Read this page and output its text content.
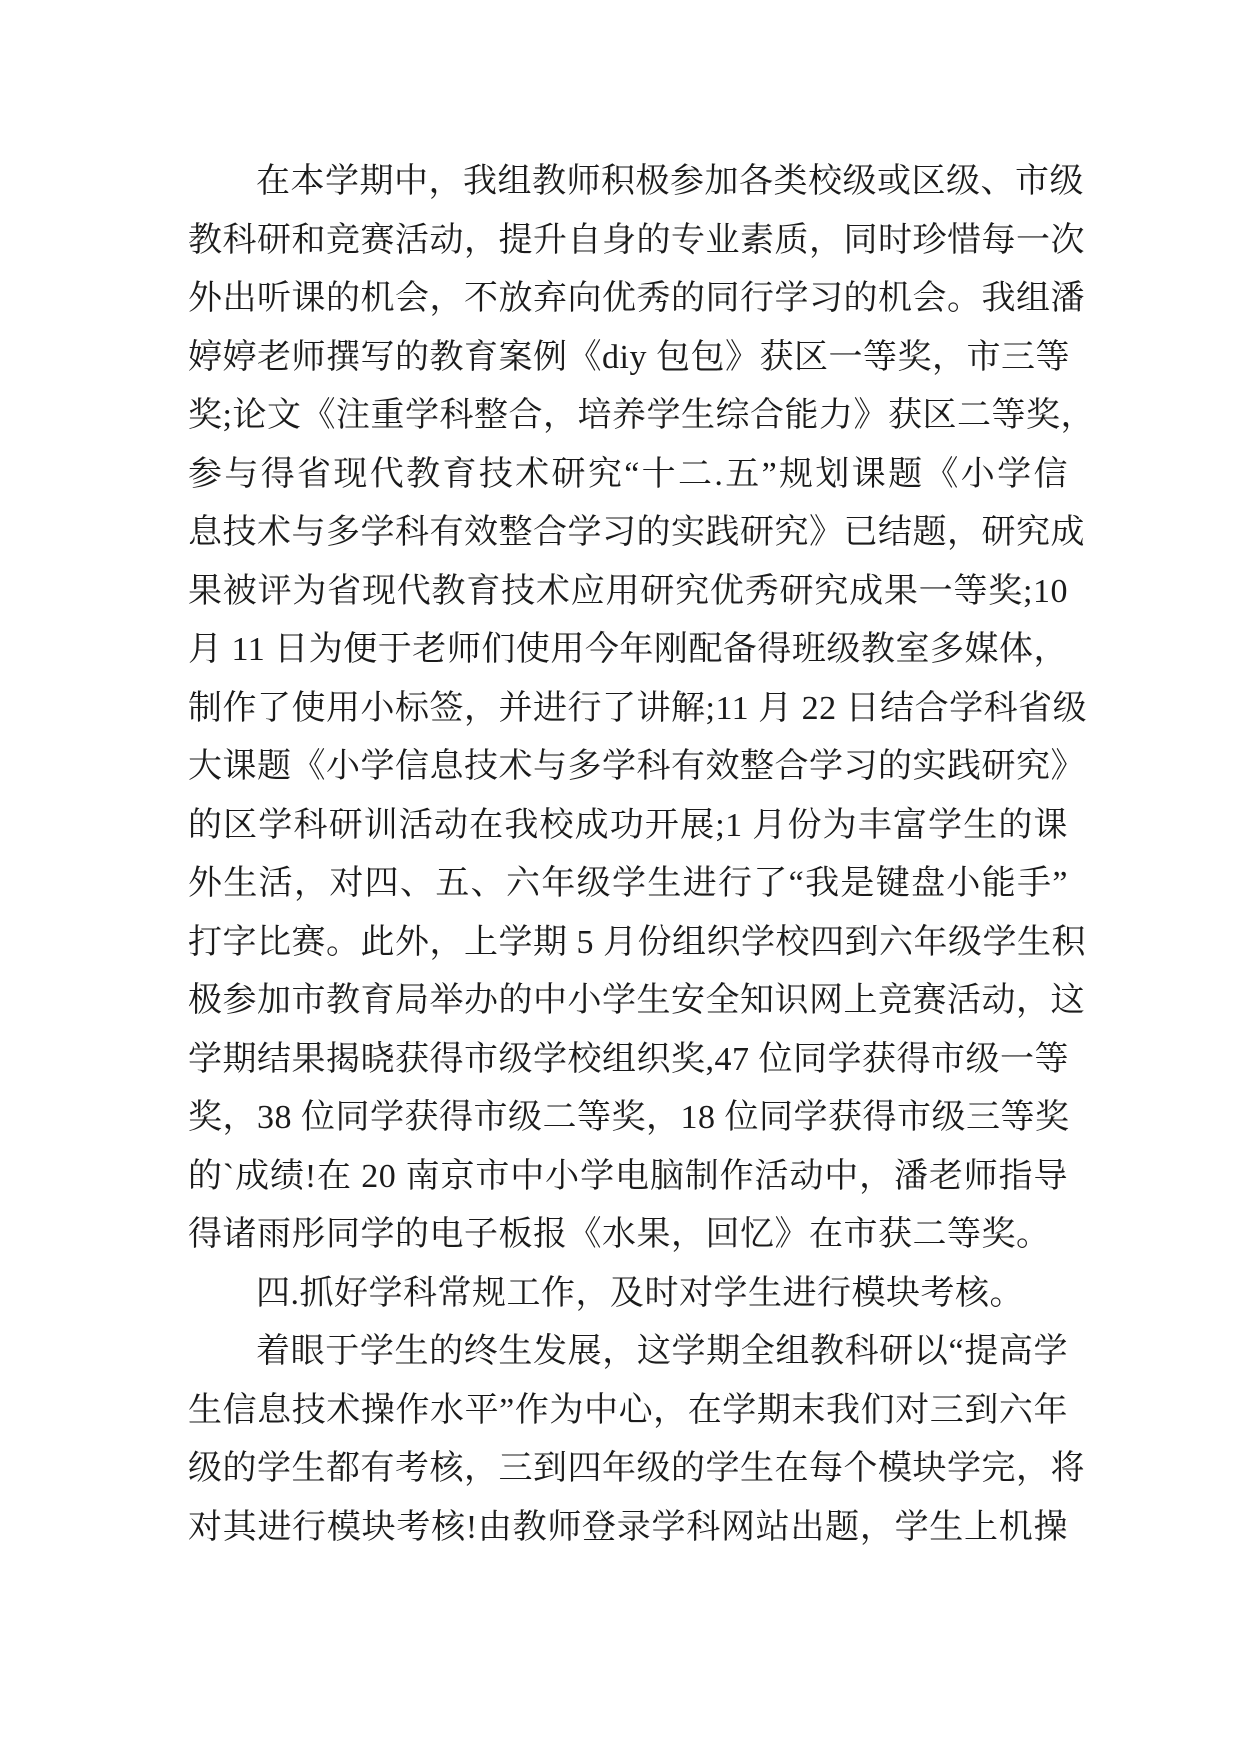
在本学期中，我组教师积极参加各类校级或区级、市级
教科研和竞赛活动，提升自身的专业素质，同时珍惜每一次
外出听课的机会，不放弃向优秀的同行学习的机会。我组潘
婷婷老师撰写的教育案例《diy 包包》获区一等奖，市三等
奖;论文《注重学科整合，培养学生综合能力》获区二等奖，
参与得省现代教育技术研究“十二.五”规划课题《小学信
息技术与多学科有效整合学习的实践研究》已结题，研究成
果被评为省现代教育技术应用研究优秀研究成果一等奖;10
月 11 日为便于老师们使用今年刚配备得班级教室多媒体，
制作了使用小标签，并进行了讲解;11 月 22 日结合学科省级
大课题《小学信息技术与多学科有效整合学习的实践研究》
的区学科研训活动在我校成功开展;1 月份为丰富学生的课
外生活，对四、五、六年级学生进行了“我是键盘小能手”
打字比赛。此外，上学期 5 月份组织学校四到六年级学生积
极参加市教育局举办的中小学生安全知识网上竞赛活动，这
学期结果揭晓获得市级学校组织奖,47 位同学获得市级一等
奖，38 位同学获得市级二等奖，18 位同学获得市级三等奖
的`成绩!在 20 南京市中小学电脑制作活动中，潘老师指导
得诸雨彤同学的电子板报《水果，回忆》在市获二等奖。
四.抓好学科常规工作，及时对学生进行模块考核。
着眼于学生的终生发展，这学期全组教科研以“提高学
生信息技术操作水平”作为中心，在学期末我们对三到六年
级的学生都有考核，三到四年级的学生在每个模块学完，将
对其进行模块考核!由教师登录学科网站出题，学生上机操
